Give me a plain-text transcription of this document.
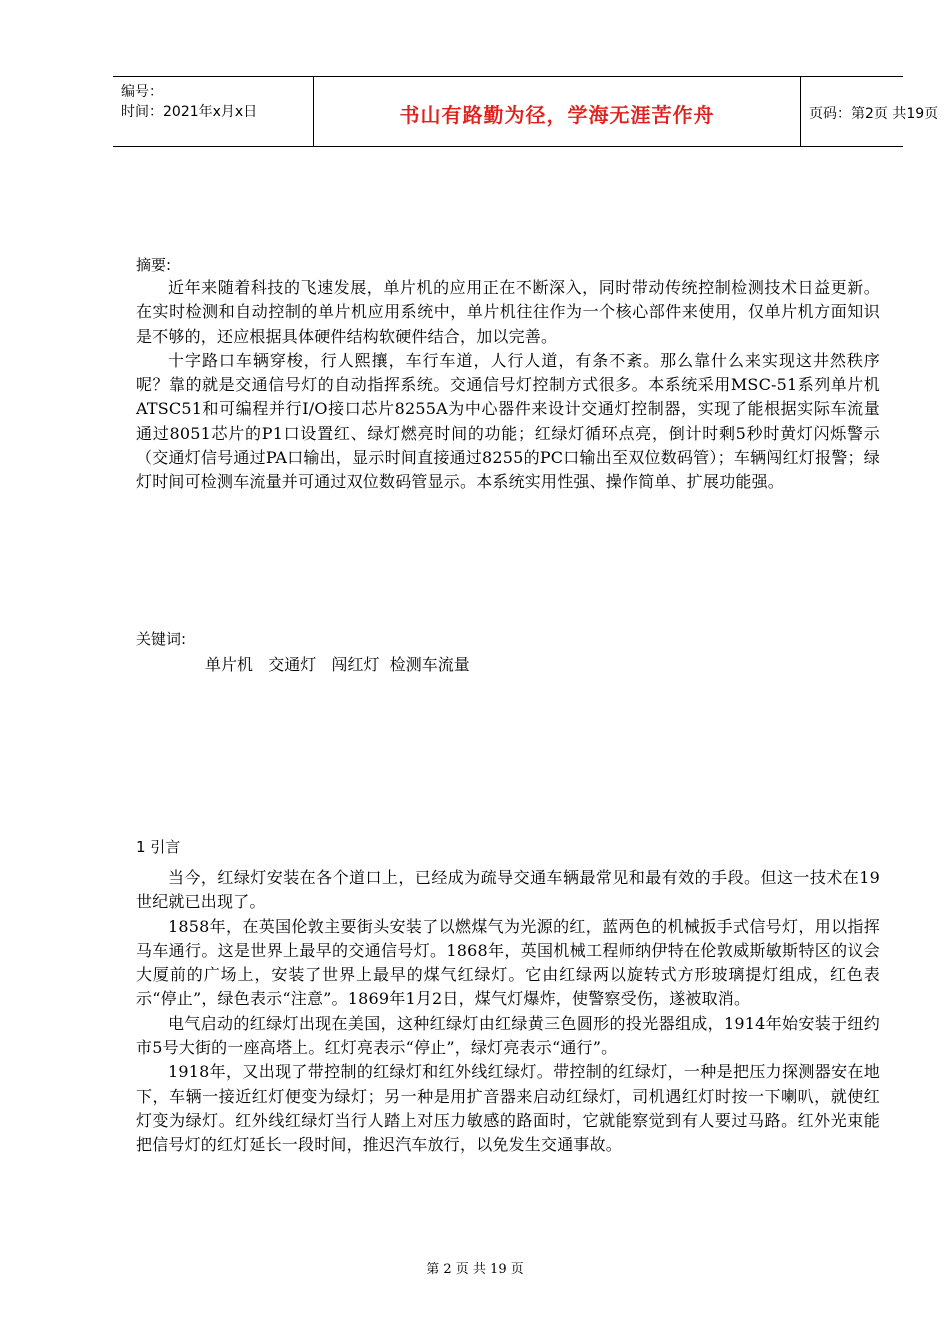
编号：
时间：2021年x月x日	书山有路勤为径，学海无涯苦作舟	页码：第2页 共19页
摘要:

近年来随着科技的飞速发展，单片机的应用正在不断深入，同时带动传统控制检测技术日益更新。在实时检测和自动控制的单片机应用系统中，单片机往往作为一个核心部件来使用，仅单片机方面知识是不够的，还应根据具体硬件结构软硬件结合，加以完善。

十字路口车辆穿梭，行人熙攘，车行车道，人行人道，有条不紊。那么靠什么来实现这井然秩序呢？靠的就是交通信号灯的自动指挥系统。交通信号灯控制方式很多。本系统采用MSC-51系列单片机ATSC51和可编程并行I/O接口芯片8255A为中心器件来设计交通灯控制器，实现了能根据实际车流量通过8051芯片的P1口设置红、绿灯燃亮时间的功能；红绿灯循环点亮，倒计时剩5秒时黄灯闪烁警示（交通灯信号通过PA口输出，显示时间直接通过8255的PC口输出至双位数码管）；车辆闯红灯报警；绿灯时间可检测车流量并可通过双位数码管显示。本系统实用性强、操作简单、扩展功能强。

关键词:
单片机   交通灯   闯红灯  检测车流量
1 引言

当今，红绿灯安装在各个道口上，已经成为疏导交通车辆最常见和最有效的手段。但这一技术在19世纪就已出现了。

1858年，在英国伦敦主要街头安装了以燃煤气为光源的红，蓝两色的机械扳手式信号灯，用以指挥马车通行。这是世界上最早的交通信号灯。1868年，英国机械工程师纳伊特在伦敦威斯敏斯特区的议会大厦前的广场上，安装了世界上最早的煤气红绿灯。它由红绿两以旋转式方形玻璃提灯组成，红色表示“停止”，绿色表示“注意”。1869年1月2日，煤气灯爆炸，使警察受伤，遂被取消。

电气启动的红绿灯出现在美国，这种红绿灯由红绿黄三色圆形的投光器组成，1914年始安装于纽约市5号大街的一座高塔上。红灯亮表示“停止”，绿灯亮表示“通行”。

1918年，又出现了带控制的红绿灯和红外线红绿灯。带控制的红绿灯，一种是把压力探测器安在地下，车辆一接近红灯便变为绿灯；另一种是用扩音器来启动红绿灯，司机遇红灯时按一下喇叭，就使红灯变为绿灯。红外线红绿灯当行人踏上对压力敏感的路面时，它就能察觉到有人要过马路。红外光束能把信号灯的红灯延长一段时间，推迟汽车放行，以免发生交通事故。

第 2 页 共 19 页
